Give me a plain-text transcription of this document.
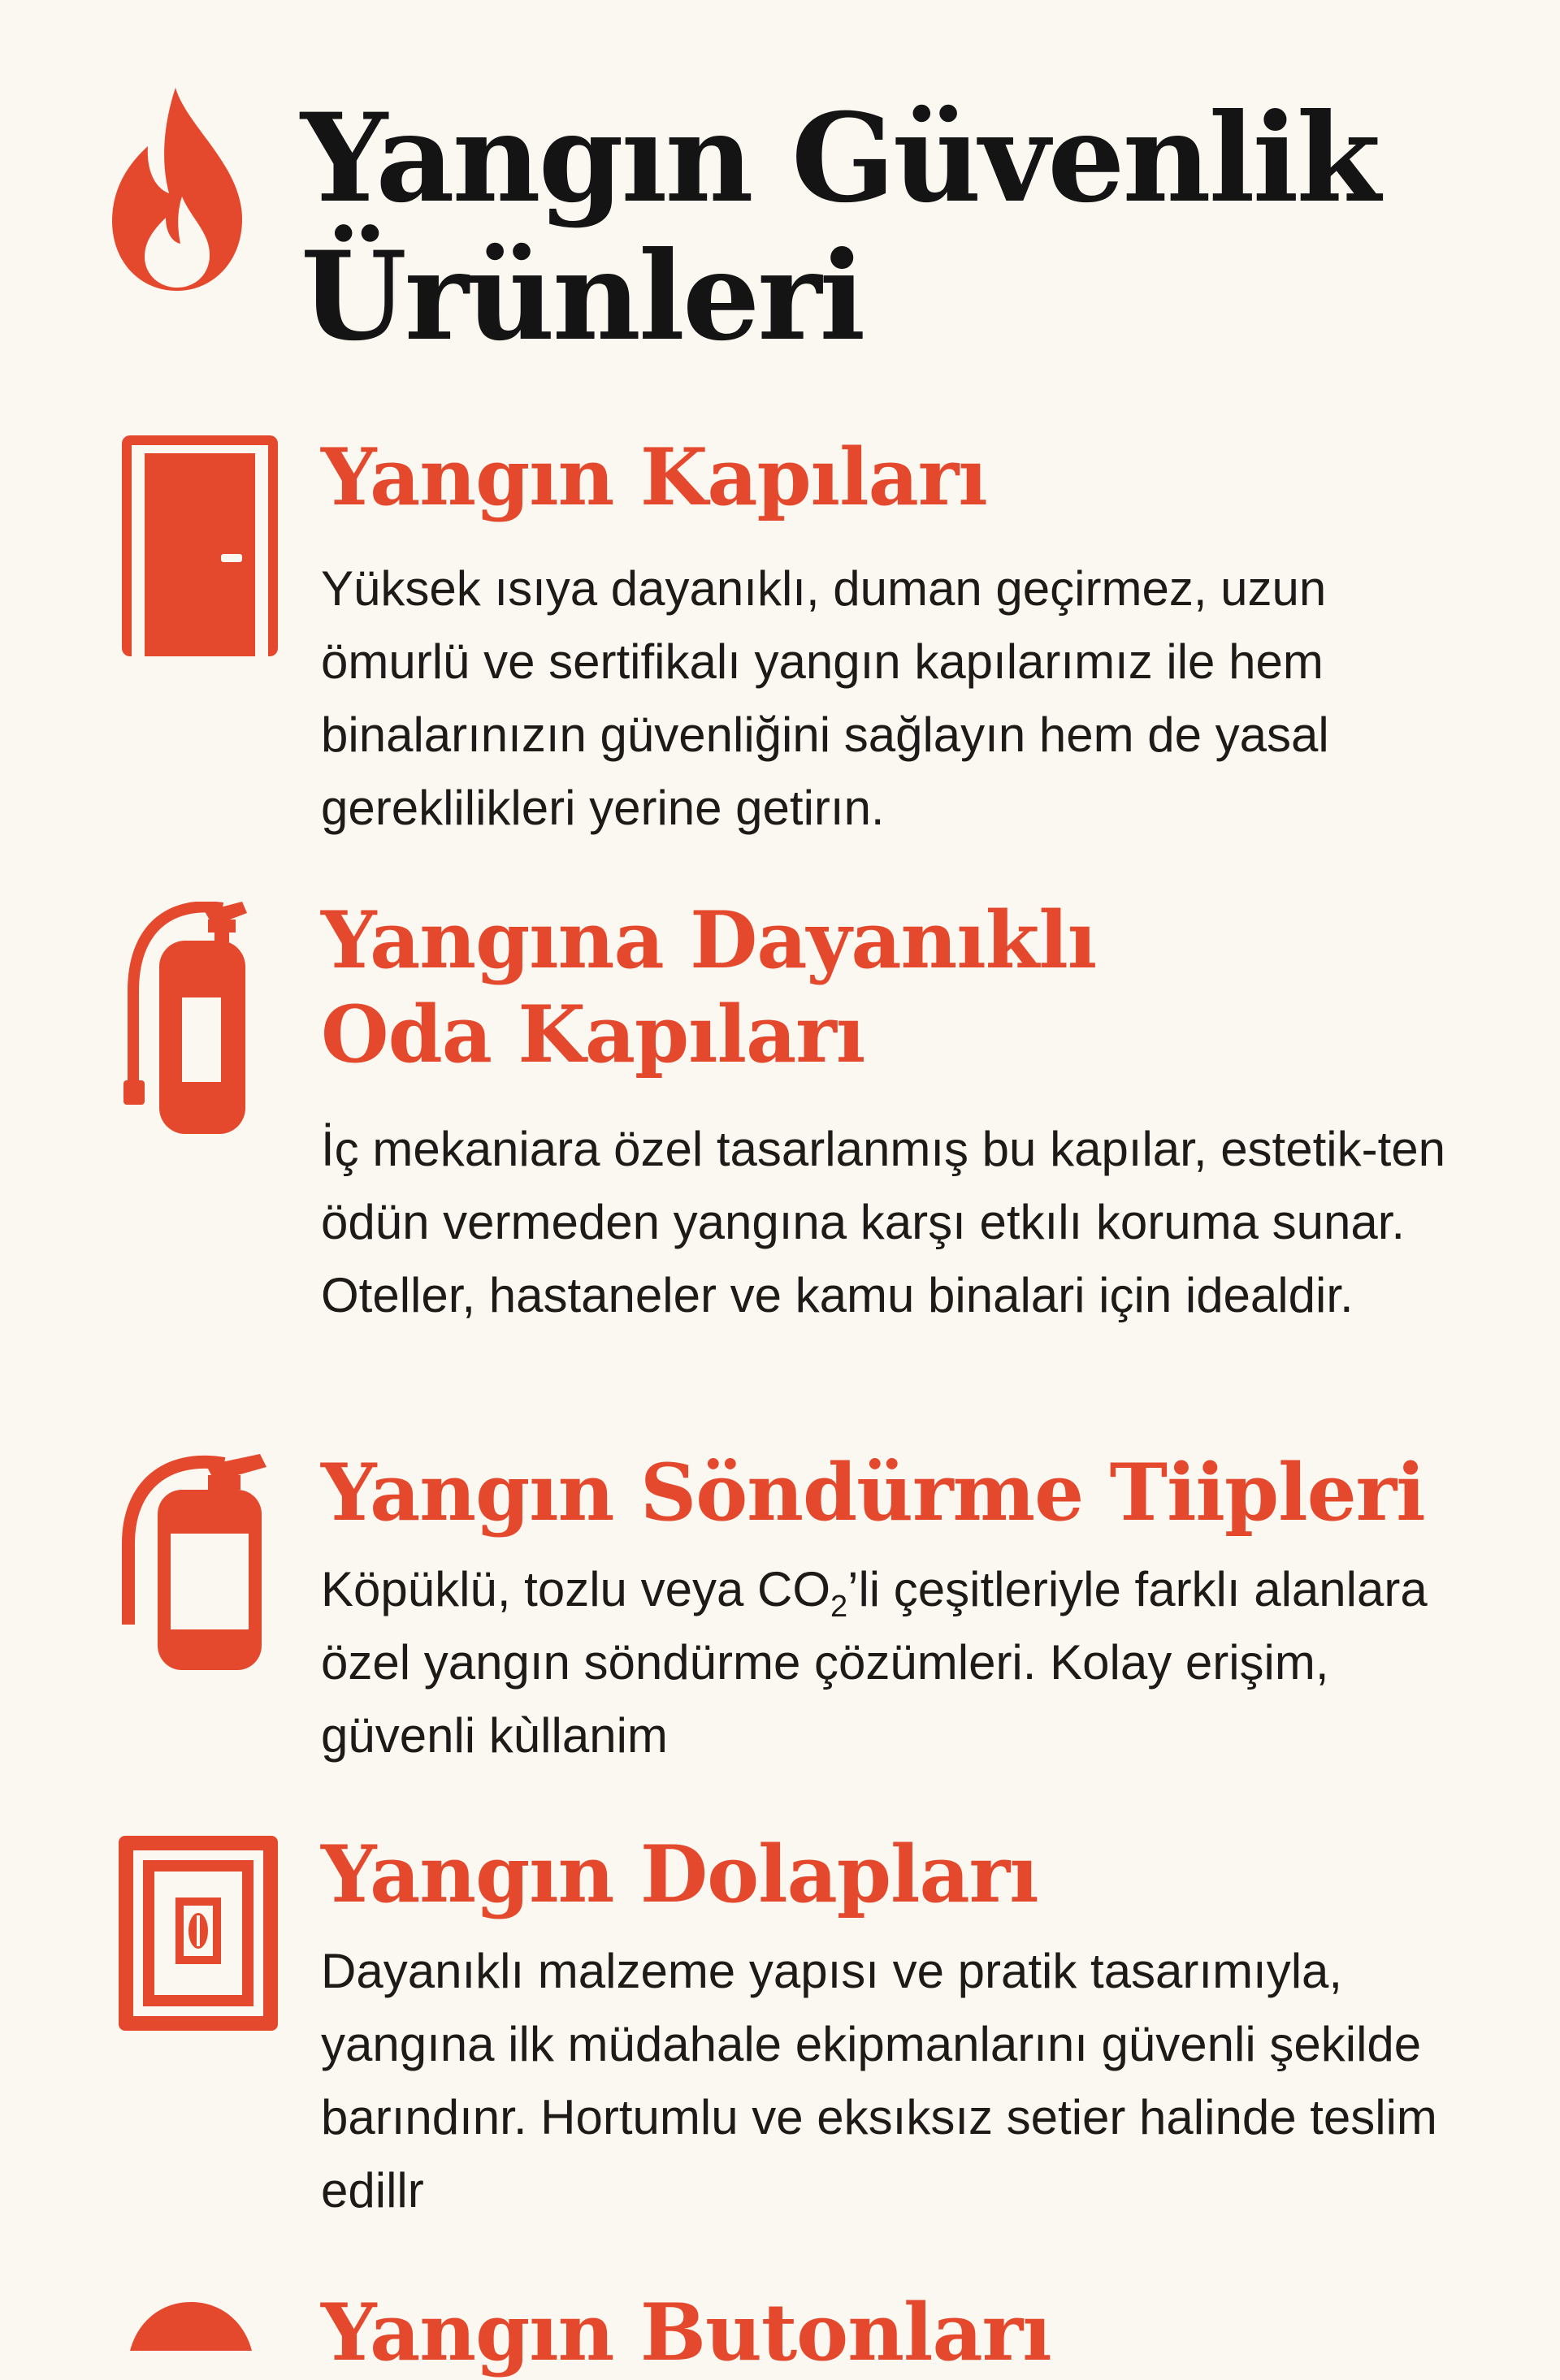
Yangın Güvenlik
Ürünleri
Yangın Kapıları

Yüksek ısıya dayanıklı, duman geçirmez, uzun ömurlü ve sertifikalı yangın kapılarımız ile hem binalarınızın güvenliğini sağlayın hem de yasal gereklilikleri yerine getirın.

Yangına Dayanıklı
Oda Kapıları

İç mekaniara özel tasarlanmış bu kapılar, estetik-ten ödün vermeden yangına karşı etkılı koruma sunar. Oteller, hastaneler ve kamu binalari için idealdir.

Yangın Söndürme Tiipleri

Köpüklü, tozlu veya $CO_2’li$ çeşitleriyle farklı alanlara özel yangın söndürme çözümleri. Kolay erişim, güvenli kùllanim

Yangın Dolapları

Dayanıklı malzeme yapısı ve pratik tasarımıyla, yangına ilk müdahale ekipmanlarını güvenli şekilde barındınr. Hortumlu ve eksıksız setier halinde teslim edillr

Yangın Butonları
